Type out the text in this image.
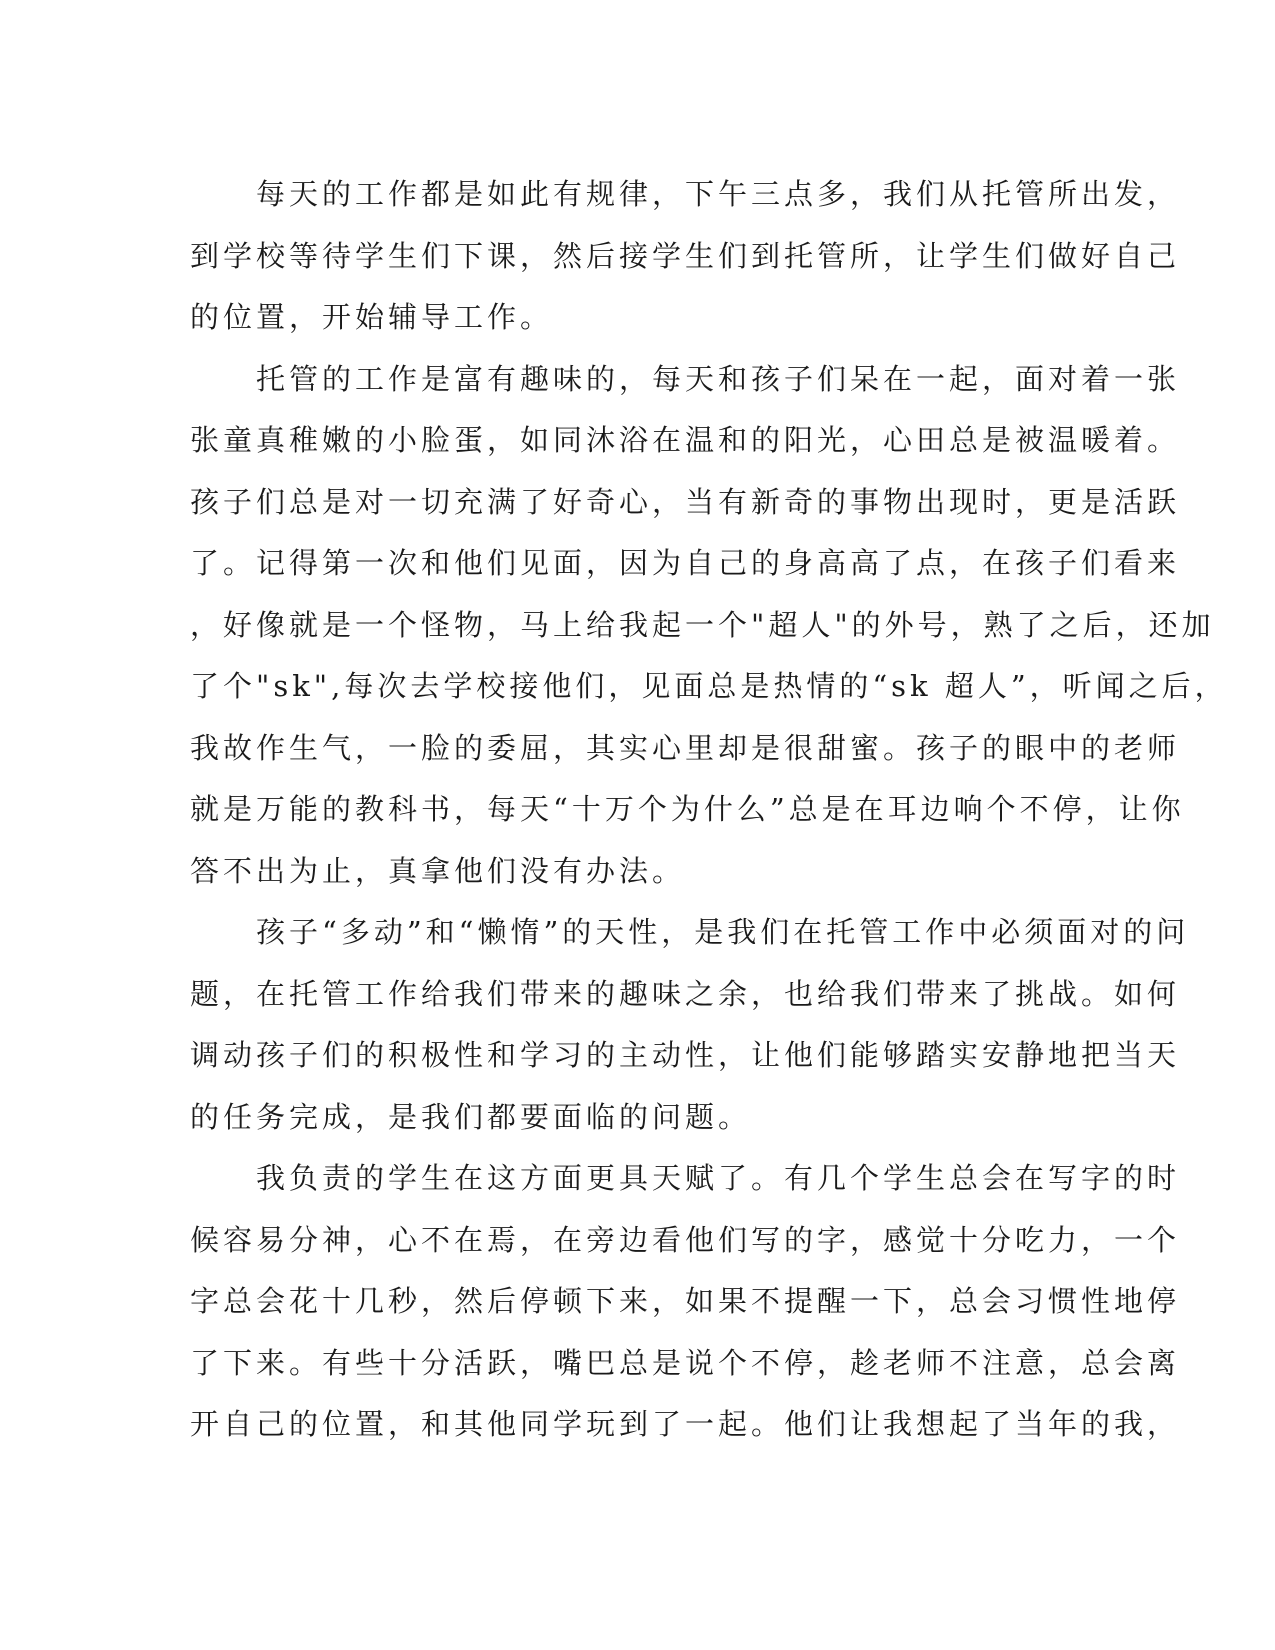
　　每天的工作都是如此有规律，下午三点多，我们从托管所出发，
到学校等待学生们下课，然后接学生们到托管所，让学生们做好自己
的位置，开始辅导工作。
　　托管的工作是富有趣味的，每天和孩子们呆在一起，面对着一张
张童真稚嫩的小脸蛋，如同沐浴在温和的阳光，心田总是被温暖着。
孩子们总是对一切充满了好奇心，当有新奇的事物出现时，更是活跃
了。记得第一次和他们见面，因为自己的身高高了点，在孩子们看来
，好像就是一个怪物，马上给我起一个"超人"的外号，熟了之后，还加
了个"sk",每次去学校接他们，见面总是热情的“sk 超人”，听闻之后，
我故作生气，一脸的委屈，其实心里却是很甜蜜。孩子的眼中的老师
就是万能的教科书，每天“十万个为什么”总是在耳边响个不停，让你
答不出为止，真拿他们没有办法。
　　孩子“多动”和“懒惰”的天性，是我们在托管工作中必须面对的问
题，在托管工作给我们带来的趣味之余，也给我们带来了挑战。如何
调动孩子们的积极性和学习的主动性，让他们能够踏实安静地把当天
的任务完成，是我们都要面临的问题。
　　我负责的学生在这方面更具天赋了。有几个学生总会在写字的时
候容易分神，心不在焉，在旁边看他们写的字，感觉十分吃力，一个
字总会花十几秒，然后停顿下来，如果不提醒一下，总会习惯性地停
了下来。有些十分活跃，嘴巴总是说个不停，趁老师不注意，总会离
开自己的位置，和其他同学玩到了一起。他们让我想起了当年的我，
